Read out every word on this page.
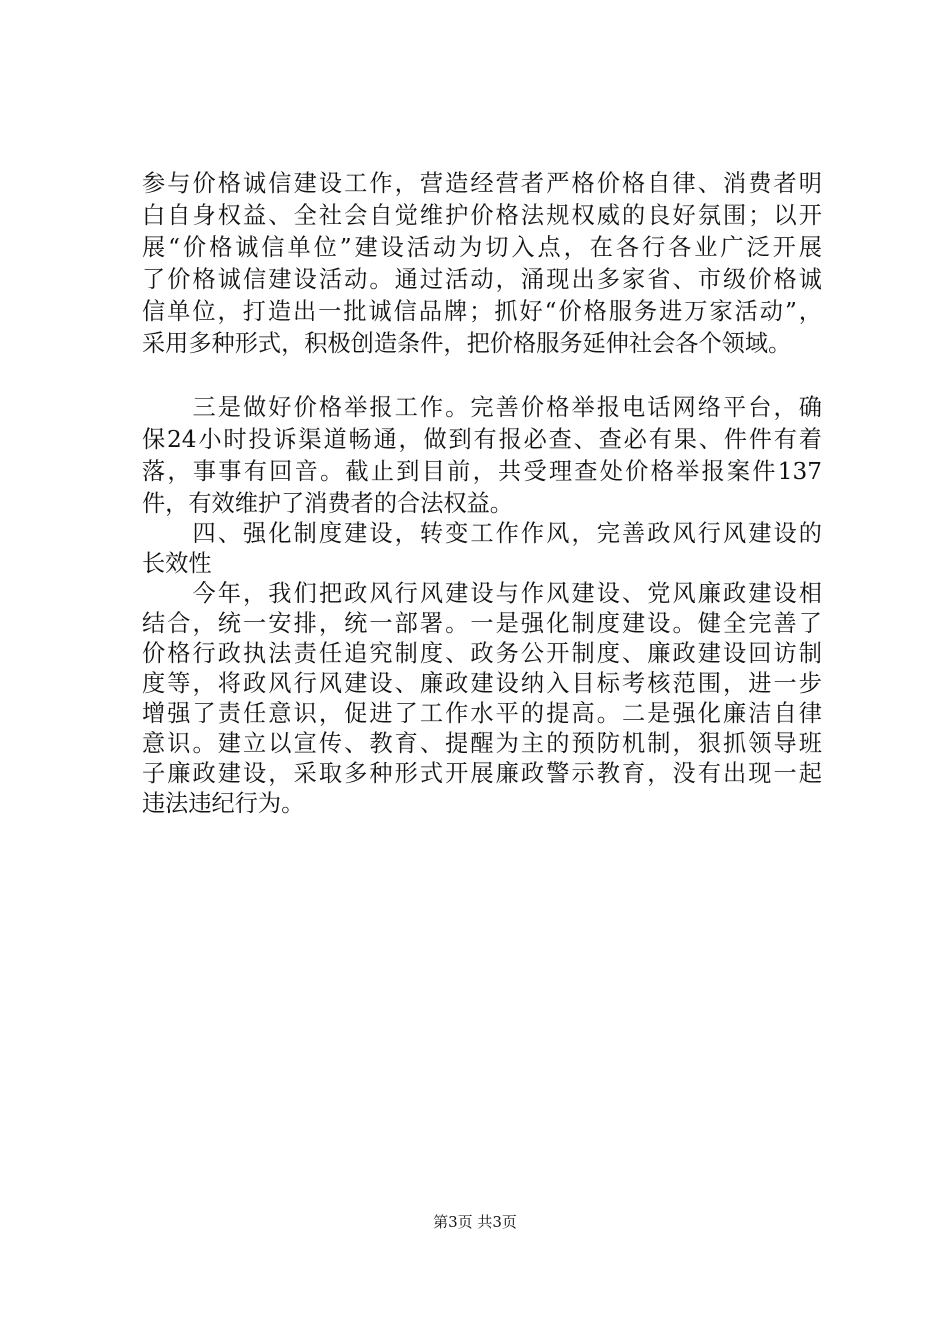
参与价格诚信建设工作，营造经营者严格价格自律、消费者明
白自身权益、全社会自觉维护价格法规权威的良好氛围；以开
展“价格诚信单位”建设活动为切入点，在各行各业广泛开展
了价格诚信建设活动。通过活动，涌现出多家省、市级价格诚
信单位，打造出一批诚信品牌；抓好“价格服务进万家活动”，
采用多种形式，积极创造条件，把价格服务延伸社会各个领域。
　　三是做好价格举报工作。完善价格举报电话网络平台，确
保24小时投诉渠道畅通，做到有报必查、查必有果、件件有着
落，事事有回音。截止到目前，共受理查处价格举报案件137
件，有效维护了消费者的合法权益。
　　四、强化制度建设，转变工作作风，完善政风行风建设的
长效性
　　今年，我们把政风行风建设与作风建设、党风廉政建设相
结合，统一安排，统一部署。一是强化制度建设。健全完善了
价格行政执法责任追究制度、政务公开制度、廉政建设回访制
度等，将政风行风建设、廉政建设纳入目标考核范围，进一步
增强了责任意识，促进了工作水平的提高。二是强化廉洁自律
意识。建立以宣传、教育、提醒为主的预防机制，狠抓领导班
子廉政建设，采取多种形式开展廉政警示教育，没有出现一起
违法违纪行为。
第3页 共3页
